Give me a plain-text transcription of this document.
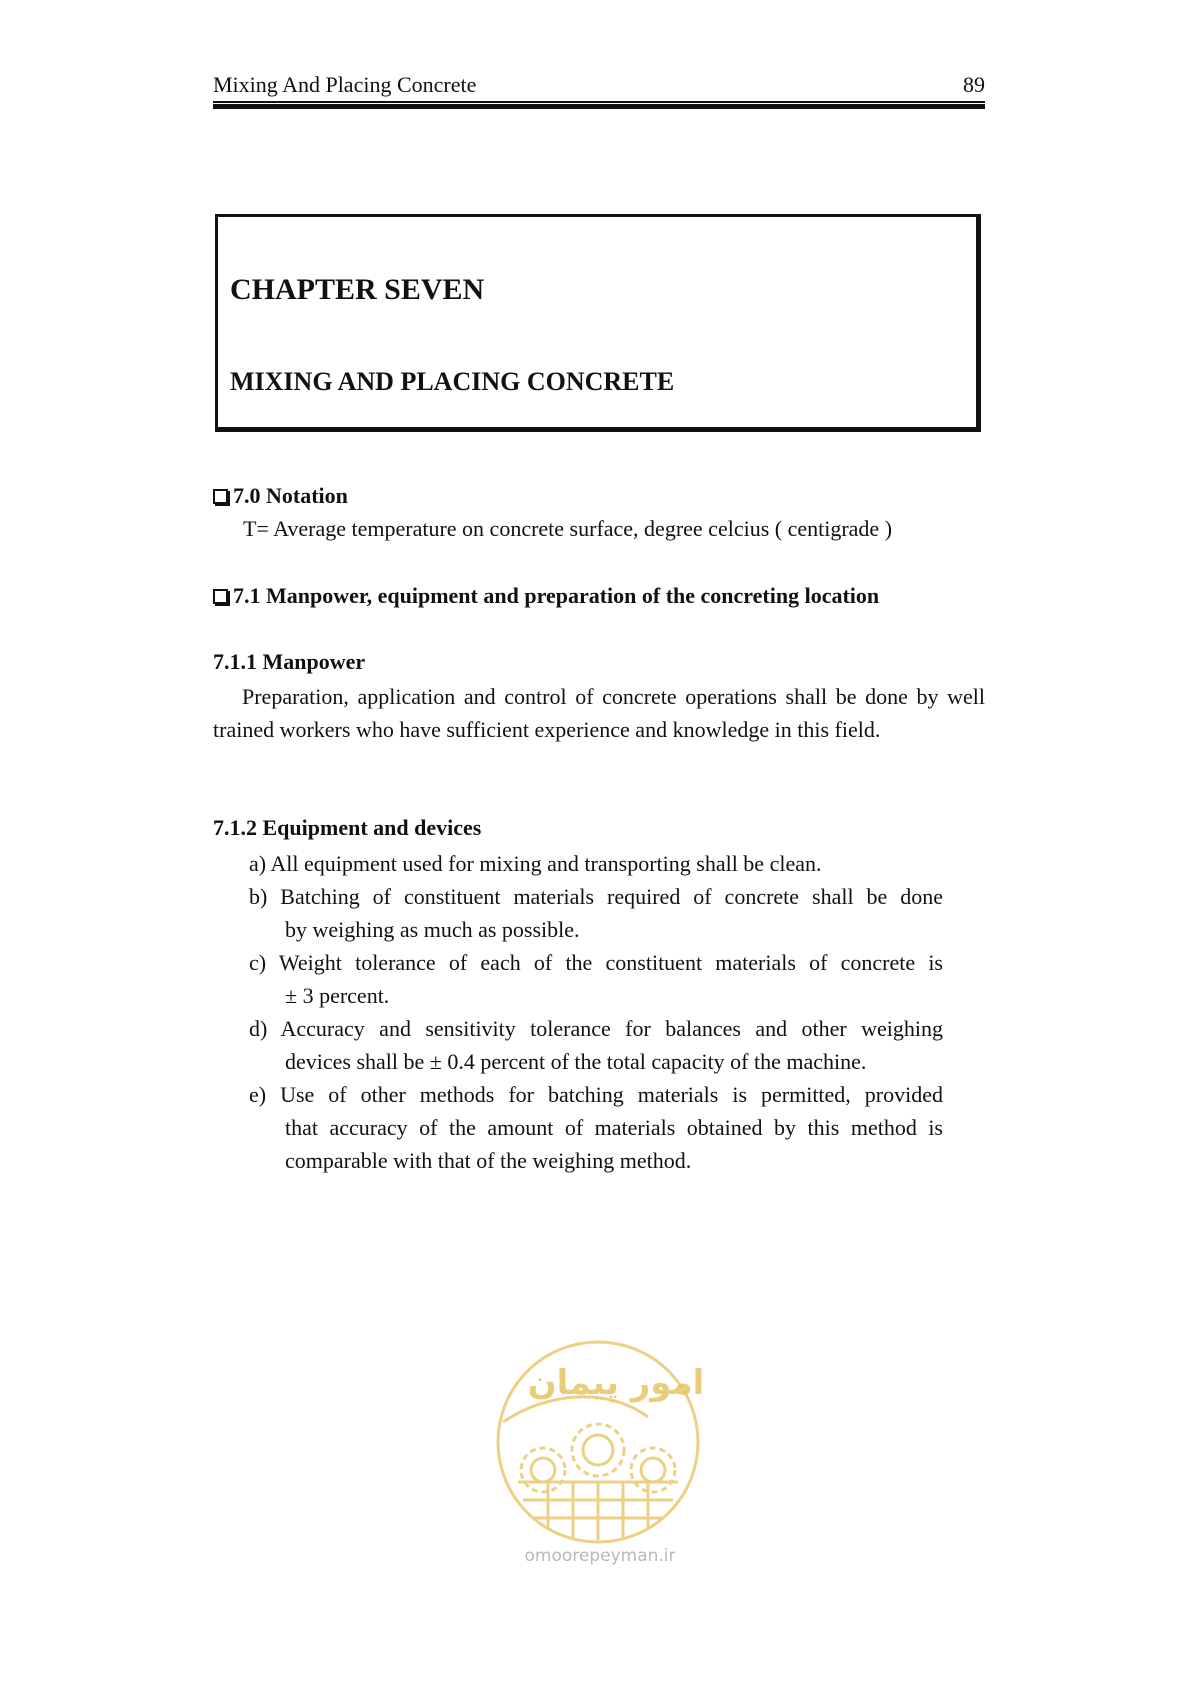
Mixing And Placing Concrete	89
CHAPTER SEVEN
MIXING AND PLACING CONCRETE
7.0 Notation
T= Average temperature on concrete surface, degree celcius ( centigrade )
7.1 Manpower, equipment and preparation of the concreting location
7.1.1 Manpower
Preparation, application and control of concrete operations shall be done by well trained workers who have sufficient experience and knowledge in this field.
7.1.2 Equipment and devices
a) All equipment used for mixing and transporting shall be clean.
b) Batching of constituent materials required of concrete shall be done
by weighing as much as possible.
c) Weight tolerance of each of the constituent materials of concrete is
± 3 percent.
d) Accuracy and sensitivity tolerance for balances and other weighing
devices shall be ± 0.4 percent of the total capacity of the machine.
e) Use of other methods for batching materials is permitted, provided
that accuracy of the amount of materials obtained by this method is
comparable with that of the weighing method.
امور پیمان
omoorepeyman.ir
